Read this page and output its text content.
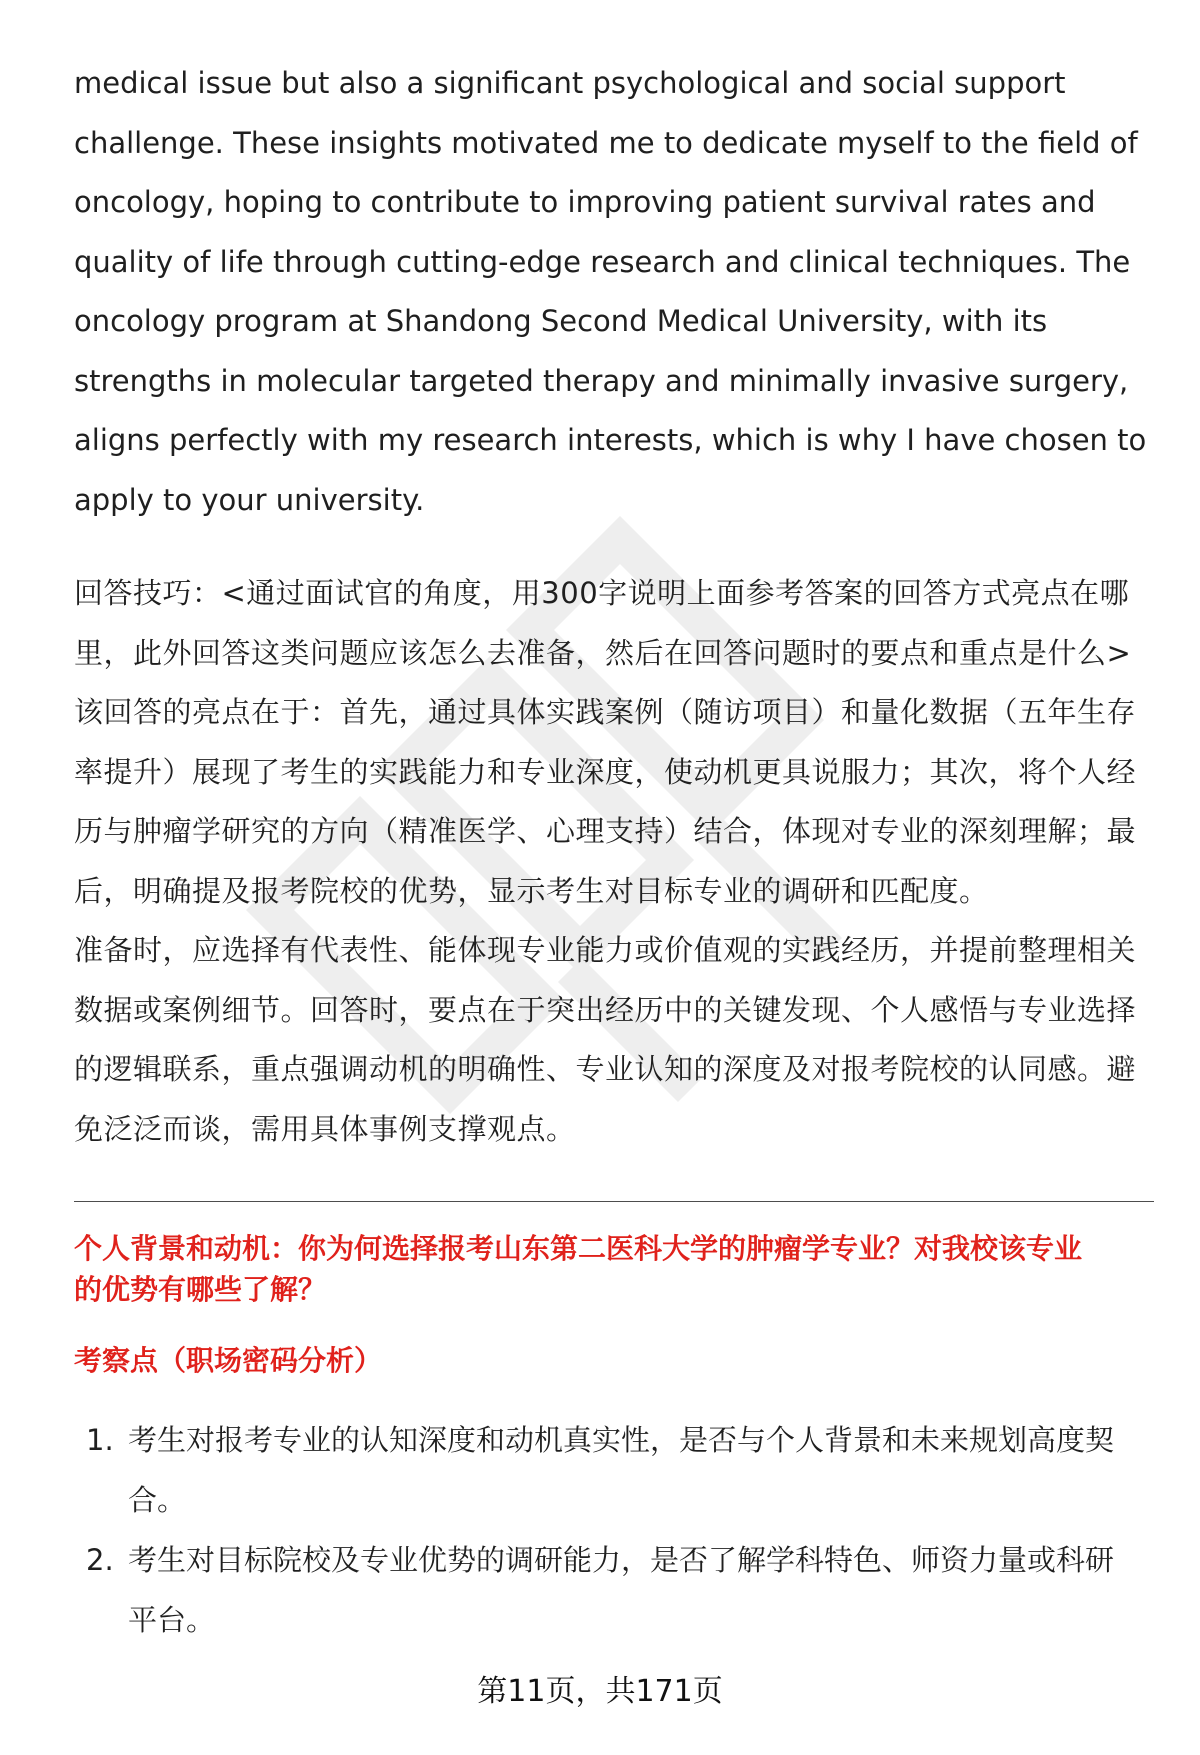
medical issue but also a significant psychological and social support

challenge. These insights motivated me to dedicate myself to the field of

oncology, hoping to contribute to improving patient survival rates and

quality of life through cutting-edge research and clinical techniques. The

oncology program at Shandong Second Medical University, with its

strengths in molecular targeted therapy and minimally invasive surgery,

aligns perfectly with my research interests, which is why I have chosen to

apply to your university.

回答技巧：<通过面试官的角度，用300字说明上面参考答案的回答方式亮点在哪

里，此外回答这类问题应该怎么去准备，然后在回答问题时的要点和重点是什么>

该回答的亮点在于：首先，通过具体实践案例（随访项目）和量化数据（五年生存

率提升）展现了考生的实践能力和专业深度，使动机更具说服力；其次，将个人经

历与肿瘤学研究的方向（精准医学、心理支持）结合，体现对专业的深刻理解；最

后，明确提及报考院校的优势，显示考生对目标专业的调研和匹配度。

准备时，应选择有代表性、能体现专业能力或价值观的实践经历，并提前整理相关

数据或案例细节。回答时，要点在于突出经历中的关键发现、个人感悟与专业选择

的逻辑联系，重点强调动机的明确性、专业认知的深度及对报考院校的认同感。避

免泛泛而谈，需用具体事例支撑观点。

个人背景和动机：你为何选择报考山东第二医科大学的肿瘤学专业？对我校该专业

的优势有哪些了解？

考察点（职场密码分析）

1. 考生对报考专业的认知深度和动机真实性，是否与个人背景和未来规划高度契
合。
2. 考生对目标院校及专业优势的调研能力，是否了解学科特色、师资力量或科研
平台。
第11页，共171页
